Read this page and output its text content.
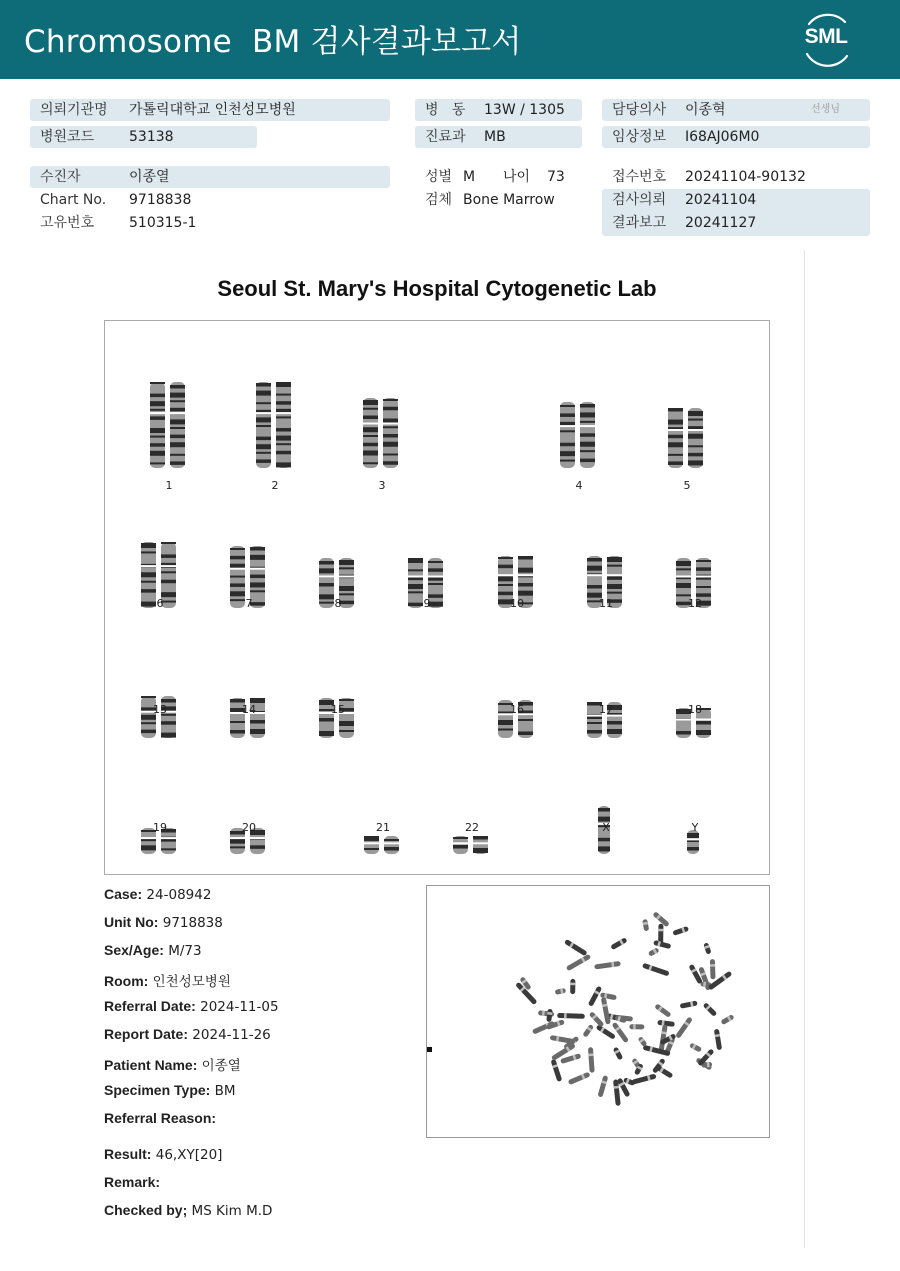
Chromosome  BM 검사결과보고서	SML
의뢰기관명 가톨릭대학교 인천성모병원
병원코드 53138
수진자	이종열
Chart No. 9718838
고유번호 510315-1
병   동 13W / 1305
진료과 MB
성별 M 나이 73
검체 Bone Marrow
담당의사 이종혁	선생님
임상정보 I68AJ06M0
접수번호 20241104-90132
검사의뢰 20241104
결과보고 20241127
Seoul St. Mary's Hospital Cytogenetic Lab
1	2	3	4	5
6	7	8	9	10	11	12
13	14	15	16	17	18
19	20	21	22	X	Y
Case: 24-08942
Unit No: 9718838
Sex/Age: M/73
Room: 인천성모병원
Referral Date: 2024-11-05
Report Date: 2024-11-26
Patient Name: 이종열
Specimen Type: BM
Referral Reason:
Result: 46,XY[20]
Remark:
Checked by; MS Kim M.D
